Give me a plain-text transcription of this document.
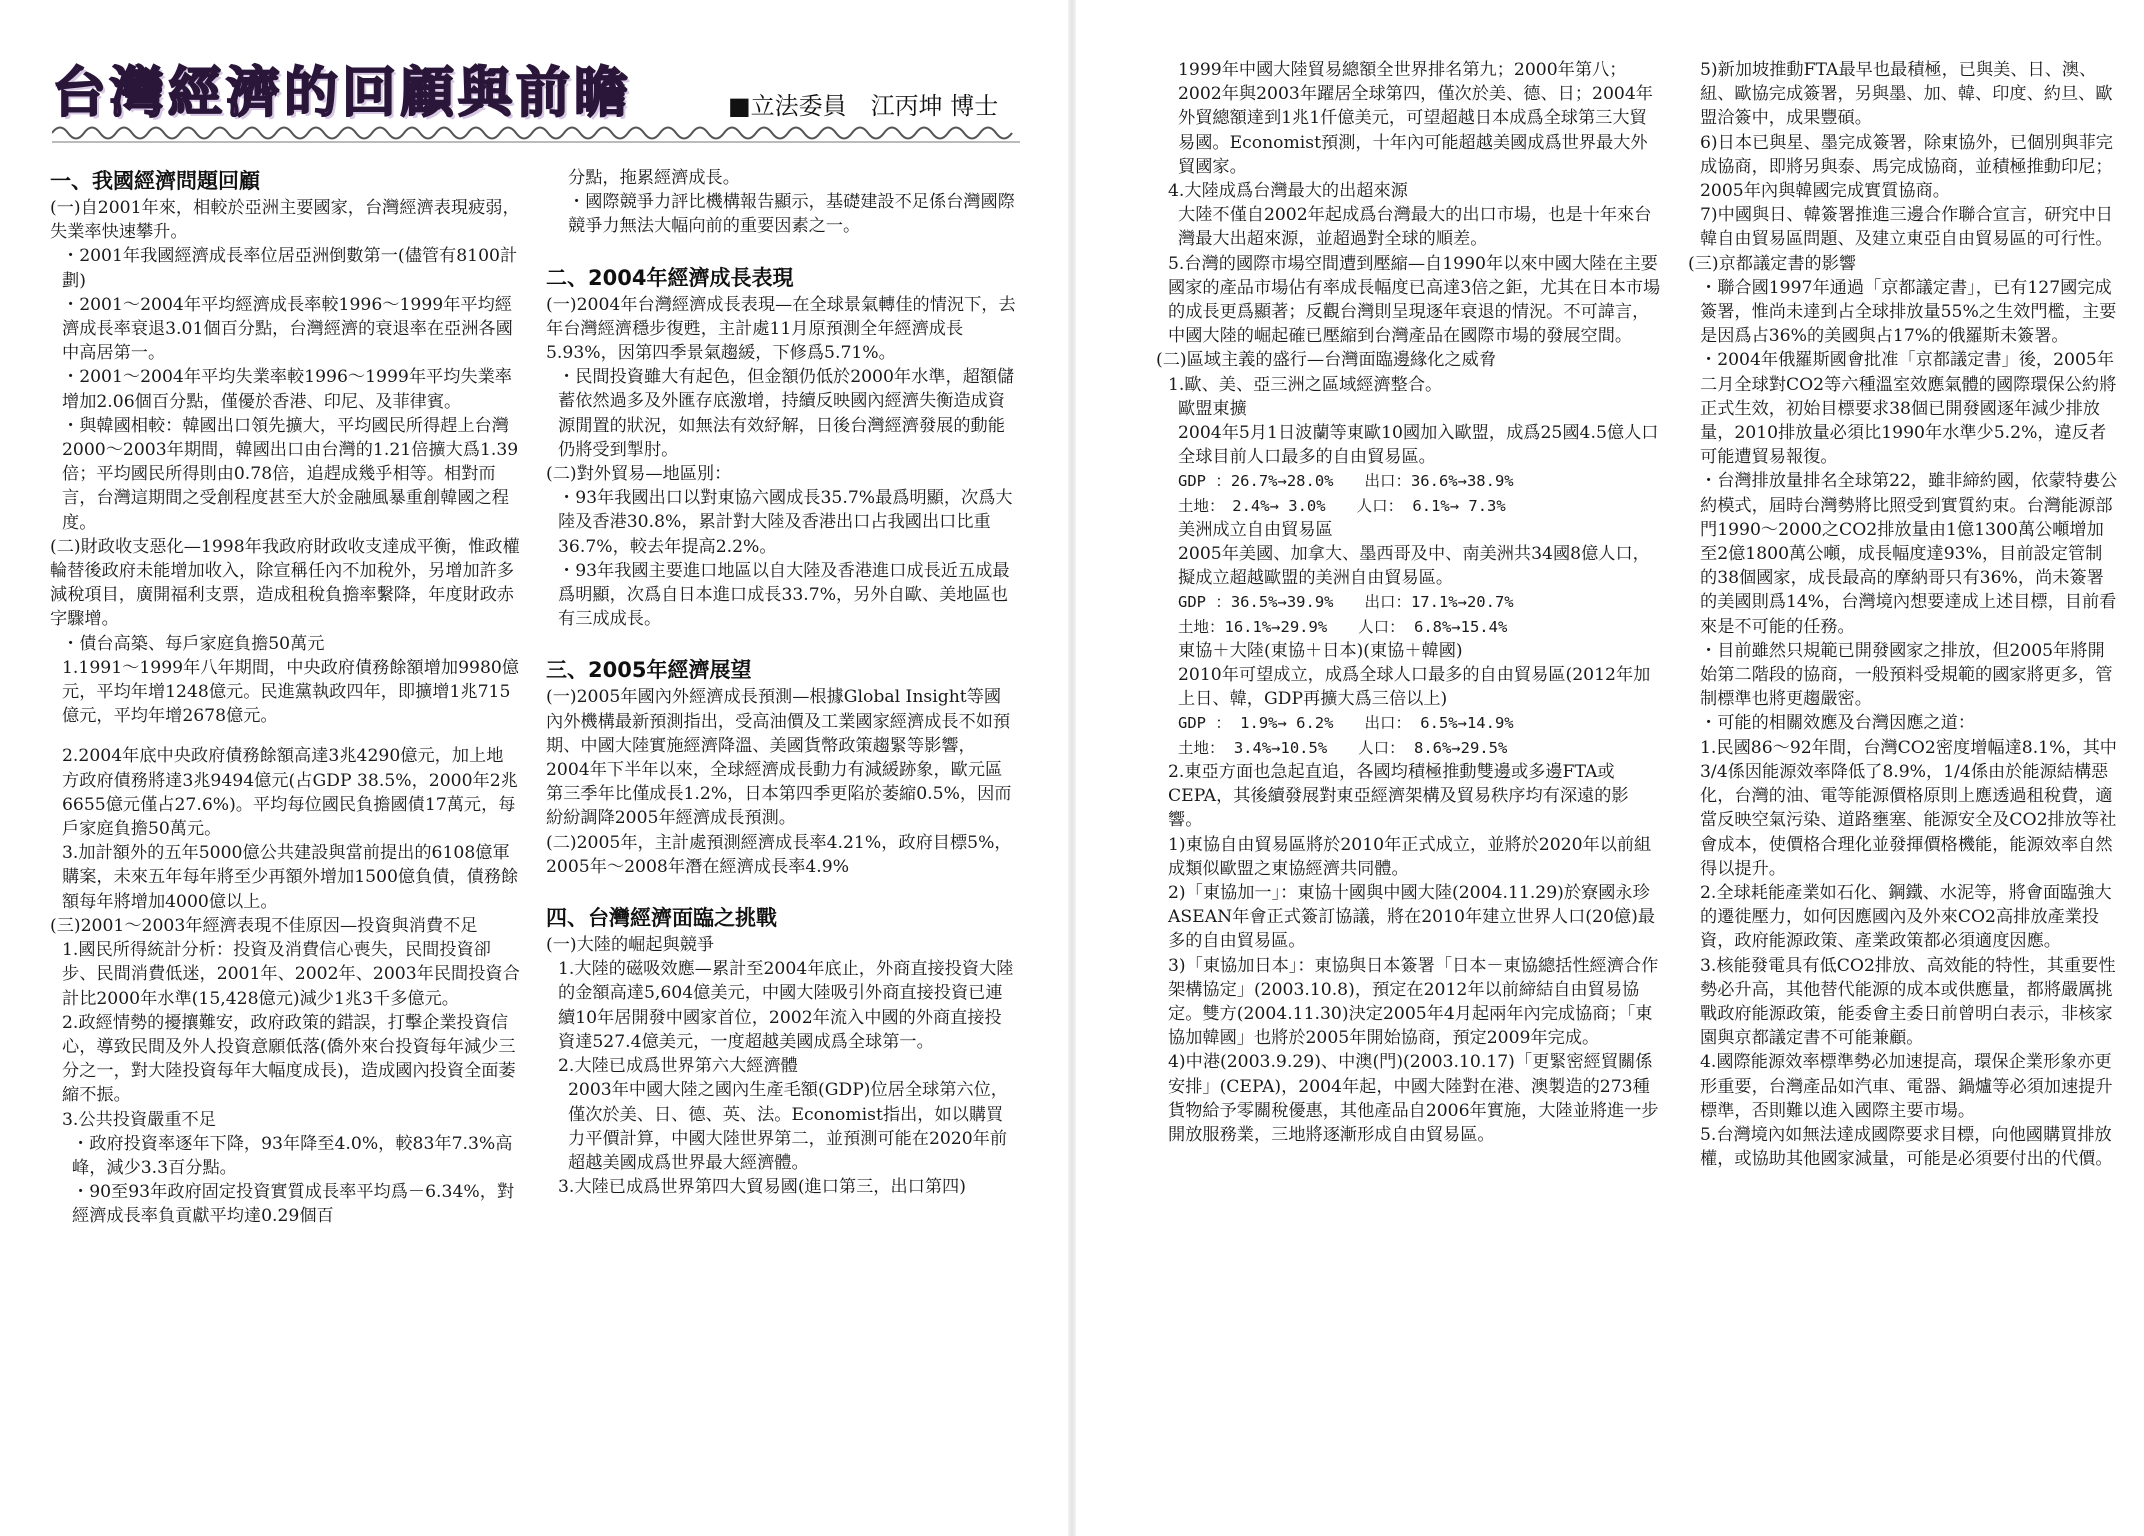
台灣經濟的回顧與前瞻	■立法委員　江丙坤 博士

一、我國經濟問題回顧

(一)自2001年來，相較於亞洲主要國家，台灣經濟表現疲弱，失業率快速攀升。

・2001年我國經濟成長率位居亞洲倒數第一(儘管有8100計劃)

・2001～2004年平均經濟成長率較1996～1999年平均經濟成長率衰退3.01個百分點，台灣經濟的衰退率在亞洲各國中高居第一。

・2001～2004年平均失業率較1996～1999年平均失業率增加2.06個百分點，僅優於香港、印尼、及菲律賓。

・與韓國相較：韓國出口領先擴大，平均國民所得趕上台灣

2000～2003年期間，韓國出口由台灣的1.21倍擴大爲1.39倍；平均國民所得則由0.78倍，追趕成幾乎相等。相對而言，台灣這期間之受創程度甚至大於金融風暴重創韓國之程度。

(二)財政收支惡化—1998年我政府財政收支達成平衡，惟政權輪替後政府未能增加收入，除宣稱任內不加稅外，另增加許多減稅項目，廣開福利支票，造成租稅負擔率繫降，年度財政赤字驟增。

・債台高築、每戶家庭負擔50萬元

1.1991～1999年八年期間，中央政府債務餘額增加9980億元，平均年增1248億元。民進黨執政四年，即擴增1兆715億元，平均年增2678億元。

2.2004年底中央政府債務餘額高達3兆4290億元，加上地方政府債務將達3兆9494億元(占GDP 38.5%，2000年2兆6655億元僅占27.6%)。平均每位國民負擔國債17萬元，每戶家庭負擔50萬元。

3.加計額外的五年5000億公共建設與當前提出的6108億軍購案，未來五年每年將至少再額外增加1500億負債，債務餘額每年將增加4000億以上。

(三)2001～2003年經濟表現不佳原因—投資與消費不足

1.國民所得統計分析：投資及消費信心喪失，民間投資卻步、民間消費低迷，2001年、2002年、2003年民間投資合計比2000年水準(15,428億元)減少1兆3千多億元。

2.政經情勢的擾攘難安，政府政策的錯誤，打擊企業投資信心，導致民間及外人投資意願低落(僑外來台投資每年減少三分之一，對大陸投資每年大幅度成長)，造成國內投資全面萎縮不振。

3.公共投資嚴重不足

・政府投資率逐年下降，93年降至4.0%，較83年7.3%高峰，減少3.3百分點。

・90至93年政府固定投資實質成長率平均爲－6.34%，對經濟成長率負貢獻平均達0.29個百

分點，拖累經濟成長。

・國際競爭力評比機構報告顯示，基礎建設不足係台灣國際競爭力無法大幅向前的重要因素之一。

二、2004年經濟成長表現

(一)2004年台灣經濟成長表現—在全球景氣轉佳的情況下，去年台灣經濟穩步復甦，主計處11月原預測全年經濟成長5.93%，因第四季景氣趨緩，下修爲5.71%。

・民間投資雖大有起色，但金額仍低於2000年水準，超額儲蓄依然過多及外匯存底激增，持續反映國內經濟失衡造成資源閒置的狀況，如無法有效紓解，日後台灣經濟發展的動能仍將受到掣肘。

(二)對外貿易—地區別：

・93年我國出口以對東協六國成長35.7%最爲明顯，次爲大陸及香港30.8%，累計對大陸及香港出口占我國出口比重36.7%，較去年提高2.2%。

・93年我國主要進口地區以自大陸及香港進口成長近五成最爲明顯，次爲自日本進口成長33.7%，另外自歐、美地區也有三成成長。

三、2005年經濟展望

(一)2005年國內外經濟成長預測—根據Global Insight等國內外機構最新預測指出，受高油價及工業國家經濟成長不如預期、中國大陸實施經濟降溫、美國貨幣政策趨緊等影響，2004年下半年以來，全球經濟成長動力有減緩跡象，歐元區第三季年比僅成長1.2%，日本第四季更陷於萎縮0.5%，因而紛紛調降2005年經濟成長預測。

(二)2005年，主計處預測經濟成長率4.21%，政府目標5%，2005年～2008年潛在經濟成長率4.9%

四、台灣經濟面臨之挑戰

(一)大陸的崛起與競爭

1.大陸的磁吸效應—累計至2004年底止，外商直接投資大陸的金額高達5,604億美元，中國大陸吸引外商直接投資已連續10年居開發中國家首位，2002年流入中國的外商直接投資達527.4億美元，一度超越美國成爲全球第一。

2.大陸已成爲世界第六大經濟體

2003年中國大陸之國內生產毛額(GDP)位居全球第六位，僅次於美、日、德、英、法。Economist指出，如以購買力平價計算，中國大陸世界第二，並預測可能在2020年前超越美國成爲世界最大經濟體。

3.大陸已成爲世界第四大貿易國(進口第三，出口第四)

1999年中國大陸貿易總額全世界排名第九；2000年第八；2002年與2003年躍居全球第四，僅次於美、德、日；2004年外貿總額達到1兆1仟億美元，可望超越日本成爲全球第三大貿易國。Economist預測，十年內可能超越美國成爲世界最大外貿國家。

4.大陸成爲台灣最大的出超來源

大陸不僅自2002年起成爲台灣最大的出口市場，也是十年來台灣最大出超來源，並超過對全球的順差。

5.台灣的國際市場空間遭到壓縮—自1990年以來中國大陸在主要國家的產品市場佔有率成長幅度已高達3倍之鉅，尤其在日本市場的成長更爲顯著；反觀台灣則呈現逐年衰退的情況。不可諱言，中國大陸的崛起確已壓縮到台灣產品在國際市場的發展空間。

(二)區域主義的盛行—台灣面臨邊緣化之威脅

1.歐、美、亞三洲之區域經濟整合。

歐盟東擴

2004年5月1日波蘭等東歐10國加入歐盟，成爲25國4.5億人口全球目前人口最多的自由貿易區。

GDP ：26.7%→28.0%　　出口：36.6%→38.9%

土地：　2.4%→ 3.0%　　人口： 6.1%→ 7.3%

美洲成立自由貿易區

2005年美國、加拿大、墨西哥及中、南美洲共34國8億人口，擬成立超越歐盟的美洲自由貿易區。

GDP ：36.5%→39.9%　　出口：17.1%→20.7%

土地：16.1%→29.9%　　人口： 6.8%→15.4%

東協＋大陸(東協＋日本)(東協＋韓國)

2010年可望成立，成爲全球人口最多的自由貿易區(2012年加上日、韓，GDP再擴大爲三倍以上)

GDP ： 1.9%→ 6.2%　　出口： 6.5%→14.9%

土地： 3.4%→10.5%　　人口： 8.6%→29.5%

2.東亞方面也急起直追，各國均積極推動雙邊或多邊FTA或CEPA，其後續發展對東亞經濟架構及貿易秩序均有深遠的影響。

1)東協自由貿易區將於2010年正式成立，並將於2020年以前組成類似歐盟之東協經濟共同體。

2)「東協加一」：東協十國與中國大陸(2004.11.29)於寮國永珍ASEAN年會正式簽訂協議，將在2010年建立世界人口(20億)最多的自由貿易區。

3)「東協加日本」：東協與日本簽署「日本－東協總括性經濟合作架構協定」(2003.10.8)，預定在2012年以前締結自由貿易協定。雙方(2004.11.30)決定2005年4月起兩年內完成協商；「東協加韓國」也將於2005年開始協商，預定2009年完成。

4)中港(2003.9.29)、中澳(門)(2003.10.17)「更緊密經貿關係安排」(CEPA)，2004年起，中國大陸對在港、澳製造的273種貨物給予零關稅優惠，其他產品自2006年實施，大陸並將進一步開放服務業，三地將逐漸形成自由貿易區。

5)新加坡推動FTA最早也最積極，已與美、日、澳、紐、歐協完成簽署，另與墨、加、韓、印度、約旦、歐盟洽簽中，成果豐碩。

6)日本已與星、墨完成簽署，除東協外，已個別與菲完成協商，即將另與泰、馬完成協商，並積極推動印尼；2005年內與韓國完成實質協商。

7)中國與日、韓簽署推進三邊合作聯合宣言，研究中日韓自由貿易區問題、及建立東亞自由貿易區的可行性。

(三)京都議定書的影響

・聯合國1997年通過「京都議定書」，已有127國完成簽署，惟尚未達到占全球排放量55%之生效門檻，主要是因爲占36%的美國與占17%的俄羅斯未簽署。

・2004年俄羅斯國會批准「京都議定書」後，2005年二月全球對CO2等六種溫室效應氣體的國際環保公約將正式生效，初始目標要求38個已開發國逐年減少排放量，2010排放量必須比1990年水準少5.2%，違反者可能遭貿易報復。

・台灣排放量排名全球第22，雖非締約國，依蒙特婁公約模式，屆時台灣勢將比照受到實質約束。台灣能源部門1990～2000之CO2排放量由1億1300萬公噸增加至2億1800萬公噸，成長幅度達93%，目前設定管制的38個國家，成長最高的摩納哥只有36%，尚未簽署的美國則爲14%，台灣境內想要達成上述目標，目前看來是不可能的任務。

・目前雖然只規範已開發國家之排放，但2005年將開始第二階段的協商，一般預料受規範的國家將更多，管制標準也將更趨嚴密。

・可能的相關效應及台灣因應之道：

1.民國86～92年間，台灣CO2密度增幅達8.1%，其中3/4係因能源效率降低了8.9%，1/4係由於能源結構惡化，台灣的油、電等能源價格原則上應透過租稅費，適當反映空氣污染、道路壅塞、能源安全及CO2排放等社會成本，使價格合理化並發揮價格機能，能源效率自然得以提升。

2.全球耗能產業如石化、鋼鐵、水泥等，將會面臨強大的遷徙壓力，如何因應國內及外來CO2高排放產業投資，政府能源政策、產業政策都必須適度因應。

3.核能發電具有低CO2排放、高效能的特性，其重要性勢必升高，其他替代能源的成本或供應量，都將嚴厲挑戰政府能源政策，能委會主委日前曾明白表示，非核家園與京都議定書不可能兼顧。

4.國際能源效率標準勢必加速提高，環保企業形象亦更形重要，台灣產品如汽車、電器、鍋爐等必須加速提升標準，否則難以進入國際主要市場。

5.台灣境內如無法達成國際要求目標，向他國購買排放權，或協助其他國家減量，可能是必須要付出的代價。
